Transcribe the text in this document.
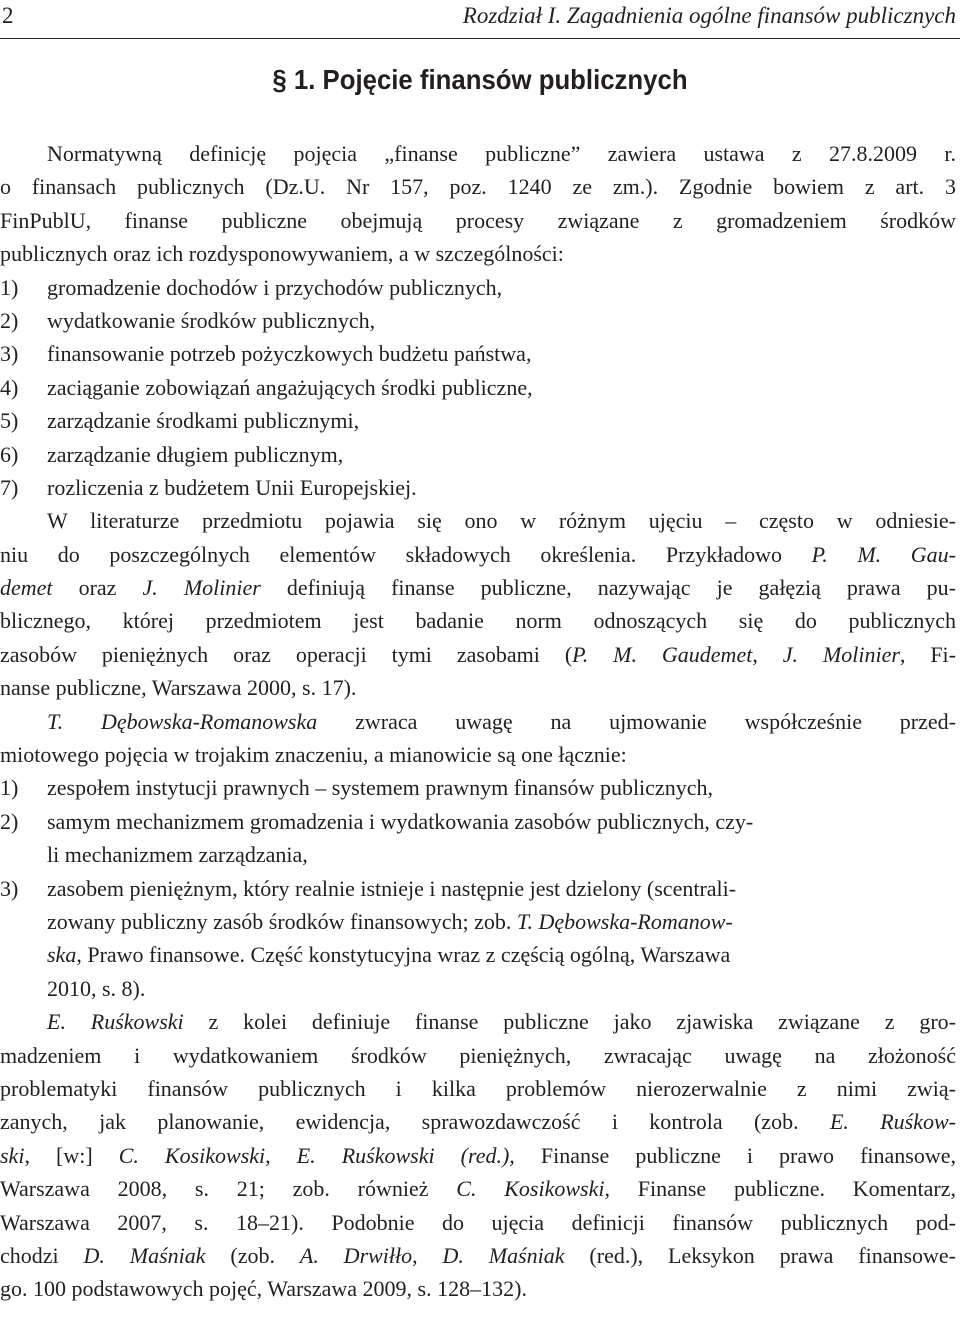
2	Rozdział I. Zagadnienia ogólne finansów publicznych
§ 1. Pojęcie finansów publicznych
Normatywną definicję pojęcia „finanse publiczne” zawiera ustawa z 27.8.2009 r.
o finansach publicznych (Dz.U. Nr 157, poz. 1240 ze zm.). Zgodnie bowiem z art. 3
FinPublU, finanse publiczne obejmują procesy związane z gromadzeniem środków
publicznych oraz ich rozdysponowywaniem, a w szczególności:
1)	gromadzenie dochodów i przychodów publicznych,
2)	wydatkowanie środków publicznych,
3)	finansowanie potrzeb pożyczkowych budżetu państwa,
4)	zaciąganie zobowiązań angażujących środki publiczne,
5)	zarządzanie środkami publicznymi,
6)	zarządzanie długiem publicznym,
7)	rozliczenia z budżetem Unii Europejskiej.
W literaturze przedmiotu pojawia się ono w różnym ujęciu – często w odniesie-
niu do poszczególnych elementów składowych określenia. Przykładowo P. M. Gau-
demet oraz J. Molinier definiują finanse publiczne, nazywając je gałęzią prawa pu-
blicznego, której przedmiotem jest badanie norm odnoszących się do publicznych
zasobów pieniężnych oraz operacji tymi zasobami (P. M. Gaudemet, J. Molinier, Fi-
nanse publiczne, Warszawa 2000, s. 17).
T. Dębowska-Romanowska zwraca uwagę na ujmowanie współcześnie przed-
miotowego pojęcia w trojakim znaczeniu, a mianowicie są one łącznie:
1)	zespołem instytucji prawnych – systemem prawnym finansów publicznych,
2)	samym mechanizmem gromadzenia i wydatkowania zasobów publicznych, czy-
li mechanizmem zarządzania,
3)	zasobem pieniężnym, który realnie istnieje i następnie jest dzielony (scentrali-
zowany publiczny zasób środków finansowych; zob. T. Dębowska-Romanow-
ska, Prawo finansowe. Część konstytucyjna wraz z częścią ogólną, Warszawa
2010, s. 8).
E. Ruśkowski z kolei definiuje finanse publiczne jako zjawiska związane z gro-
madzeniem i wydatkowaniem środków pieniężnych, zwracając uwagę na złożoność
problematyki finansów publicznych i kilka problemów nierozerwalnie z nimi zwią-
zanych, jak planowanie, ewidencja, sprawozdawczość i kontrola (zob. E. Ruśkow-
ski, [w:] C. Kosikowski, E. Ruśkowski (red.), Finanse publiczne i prawo finansowe,
Warszawa 2008, s. 21; zob. również C. Kosikowski, Finanse publiczne. Komentarz,
Warszawa 2007, s. 18–21). Podobnie do ujęcia definicji finansów publicznych pod-
chodzi D. Maśniak (zob. A. Drwiłło, D. Maśniak (red.), Leksykon prawa finansowe-
go. 100 podstawowych pojęć, Warszawa 2009, s. 128–132).
